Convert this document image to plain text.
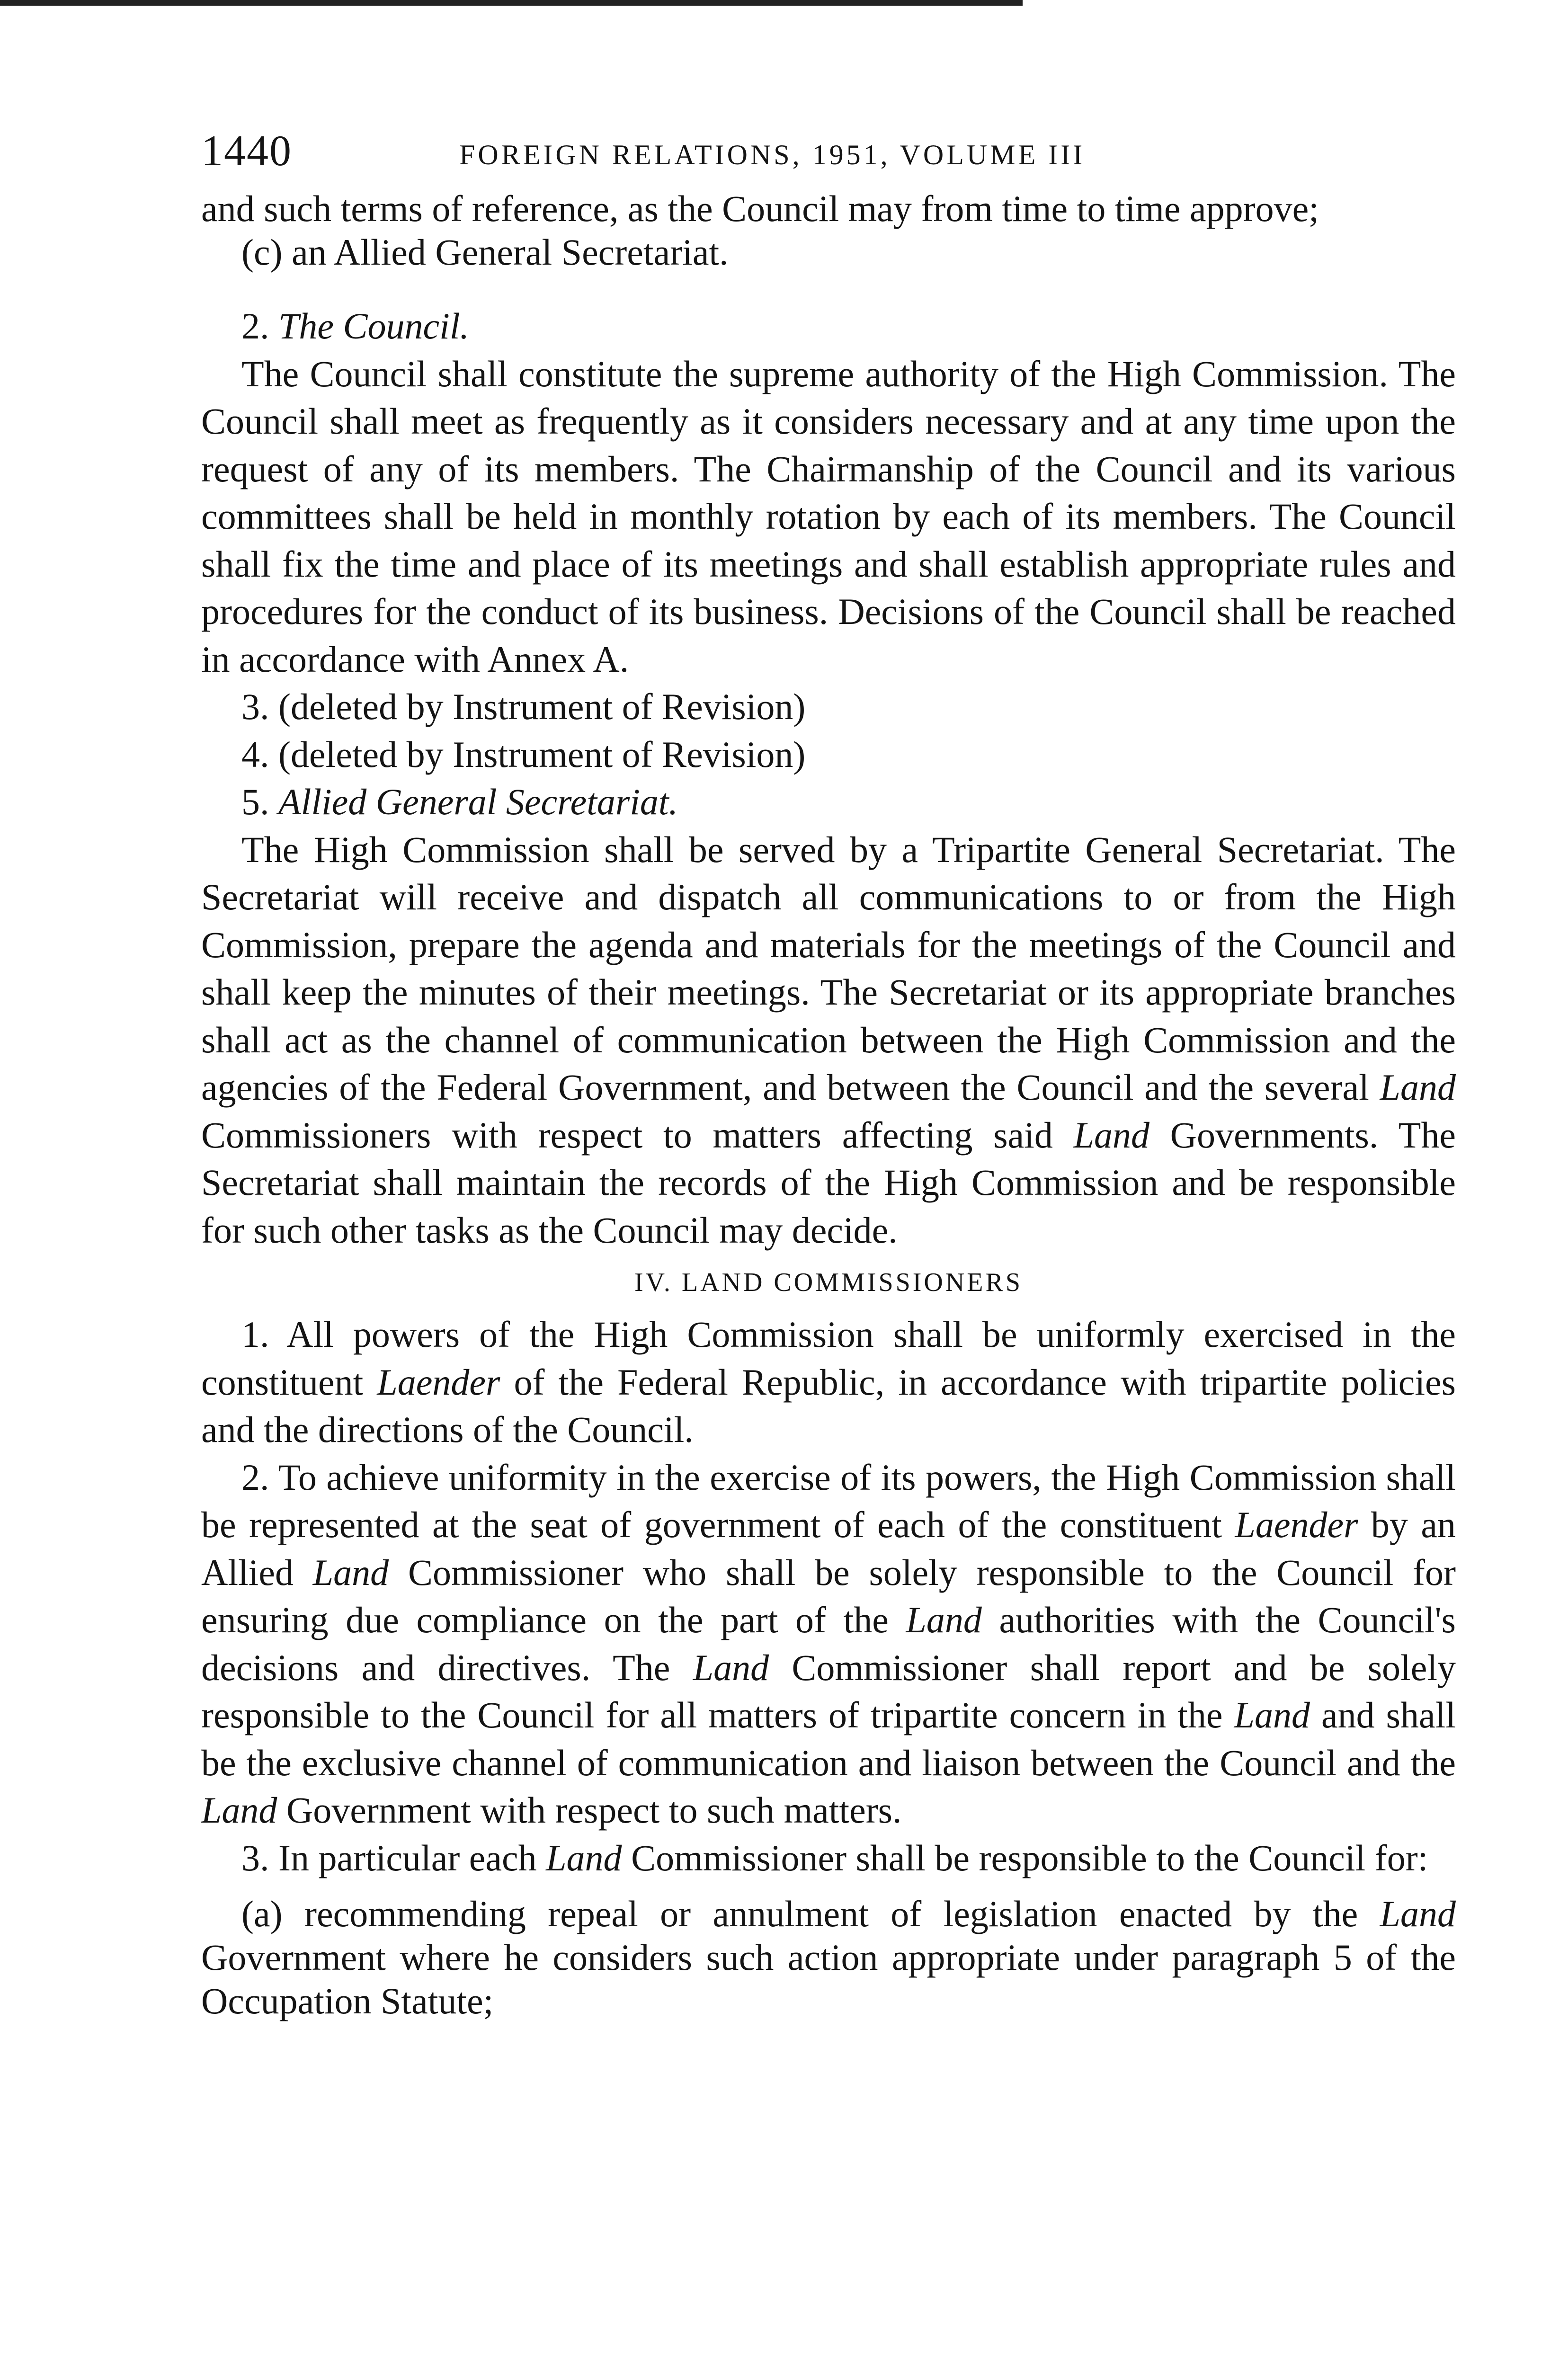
1440	FOREIGN RELATIONS, 1951, VOLUME III

and such terms of reference, as the Council may from time to time approve;

(c) an Allied General Secretariat.

2. The Council.

The Council shall constitute the supreme authority of the High Commission. The Council shall meet as frequently as it considers necessary and at any time upon the request of any of its members. The Chairmanship of the Council and its various committees shall be held in monthly rotation by each of its members. The Council shall fix the time and place of its meetings and shall establish appropriate rules and procedures for the conduct of its business. Decisions of the Council shall be reached in accordance with Annex A.

3. (deleted by Instrument of Revision)

4. (deleted by Instrument of Revision)

5. Allied General Secretariat.

The High Commission shall be served by a Tripartite General Secretariat. The Secretariat will receive and dispatch all communications to or from the High Commission, prepare the agenda and materials for the meetings of the Council and shall keep the minutes of their meetings. The Secretariat or its appropriate branches shall act as the channel of communication between the High Commission and the agencies of the Federal Government, and between the Council and the several Land Commissioners with respect to matters affecting said Land Governments. The Secretariat shall maintain the records of the High Commission and be responsible for such other tasks as the Council may decide.

IV. LAND COMMISSIONERS

1. All powers of the High Commission shall be uniformly exercised in the constituent Laender of the Federal Republic, in accordance with tripartite policies and the directions of the Council.

2. To achieve uniformity in the exercise of its powers, the High Commission shall be represented at the seat of government of each of the constituent Laender by an Allied Land Commissioner who shall be solely responsible to the Council for ensuring due compliance on the part of the Land authorities with the Council's decisions and directives. The Land Commissioner shall report and be solely responsible to the Council for all matters of tripartite concern in the Land and shall be the exclusive channel of communication and liaison between the Council and the Land Government with respect to such matters.

3. In particular each Land Commissioner shall be responsible to the Council for:

(a) recommending repeal or annulment of legislation enacted by the Land Government where he considers such action appropriate under paragraph 5 of the Occupation Statute;
